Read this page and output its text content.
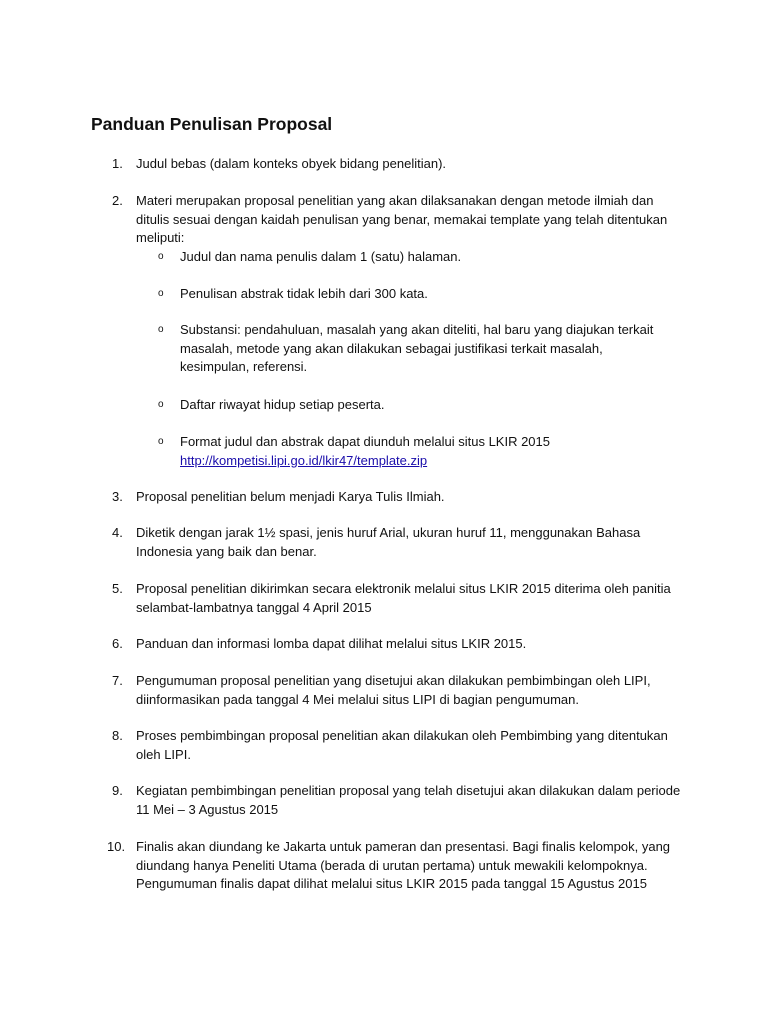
Panduan Penulisan Proposal
1. Judul bebas (dalam konteks obyek bidang penelitian).
2. Materi merupakan proposal penelitian yang akan dilaksanakan dengan metode ilmiah dan ditulis sesuai dengan kaidah penulisan yang benar, memakai template yang telah ditentukan meliputi:
o Judul dan nama penulis dalam 1 (satu) halaman.
o Penulisan abstrak tidak lebih dari 300 kata.
o Substansi: pendahuluan, masalah yang akan diteliti, hal baru yang diajukan terkait masalah, metode yang akan dilakukan sebagai justifikasi terkait masalah, kesimpulan, referensi.
o Daftar riwayat hidup setiap peserta.
o Format judul dan abstrak dapat diunduh melalui situs LKIR 2015
http://kompetisi.lipi.go.id/lkir47/template.zip
3. Proposal penelitian belum menjadi Karya Tulis Ilmiah.
4. Diketik dengan jarak 1½ spasi, jenis huruf Arial, ukuran huruf 11, menggunakan Bahasa Indonesia yang baik dan benar.
5. Proposal penelitian dikirimkan secara elektronik melalui situs LKIR 2015 diterima oleh panitia selambat-lambatnya tanggal 4 April 2015
6. Panduan dan informasi lomba dapat dilihat melalui situs LKIR 2015.
7. Pengumuman proposal penelitian yang disetujui akan dilakukan pembimbingan oleh LIPI, diinformasikan pada tanggal 4 Mei melalui situs LIPI di bagian pengumuman.
8. Proses pembimbingan proposal penelitian akan dilakukan oleh Pembimbing yang ditentukan oleh LIPI.
9. Kegiatan pembimbingan penelitian proposal yang telah disetujui akan dilakukan dalam periode 11 Mei – 3 Agustus 2015
10. Finalis akan diundang ke Jakarta untuk pameran dan presentasi. Bagi finalis kelompok, yang diundang hanya Peneliti Utama (berada di urutan pertama) untuk mewakili kelompoknya. Pengumuman finalis dapat dilihat melalui situs LKIR 2015 pada tanggal 15 Agustus 2015
